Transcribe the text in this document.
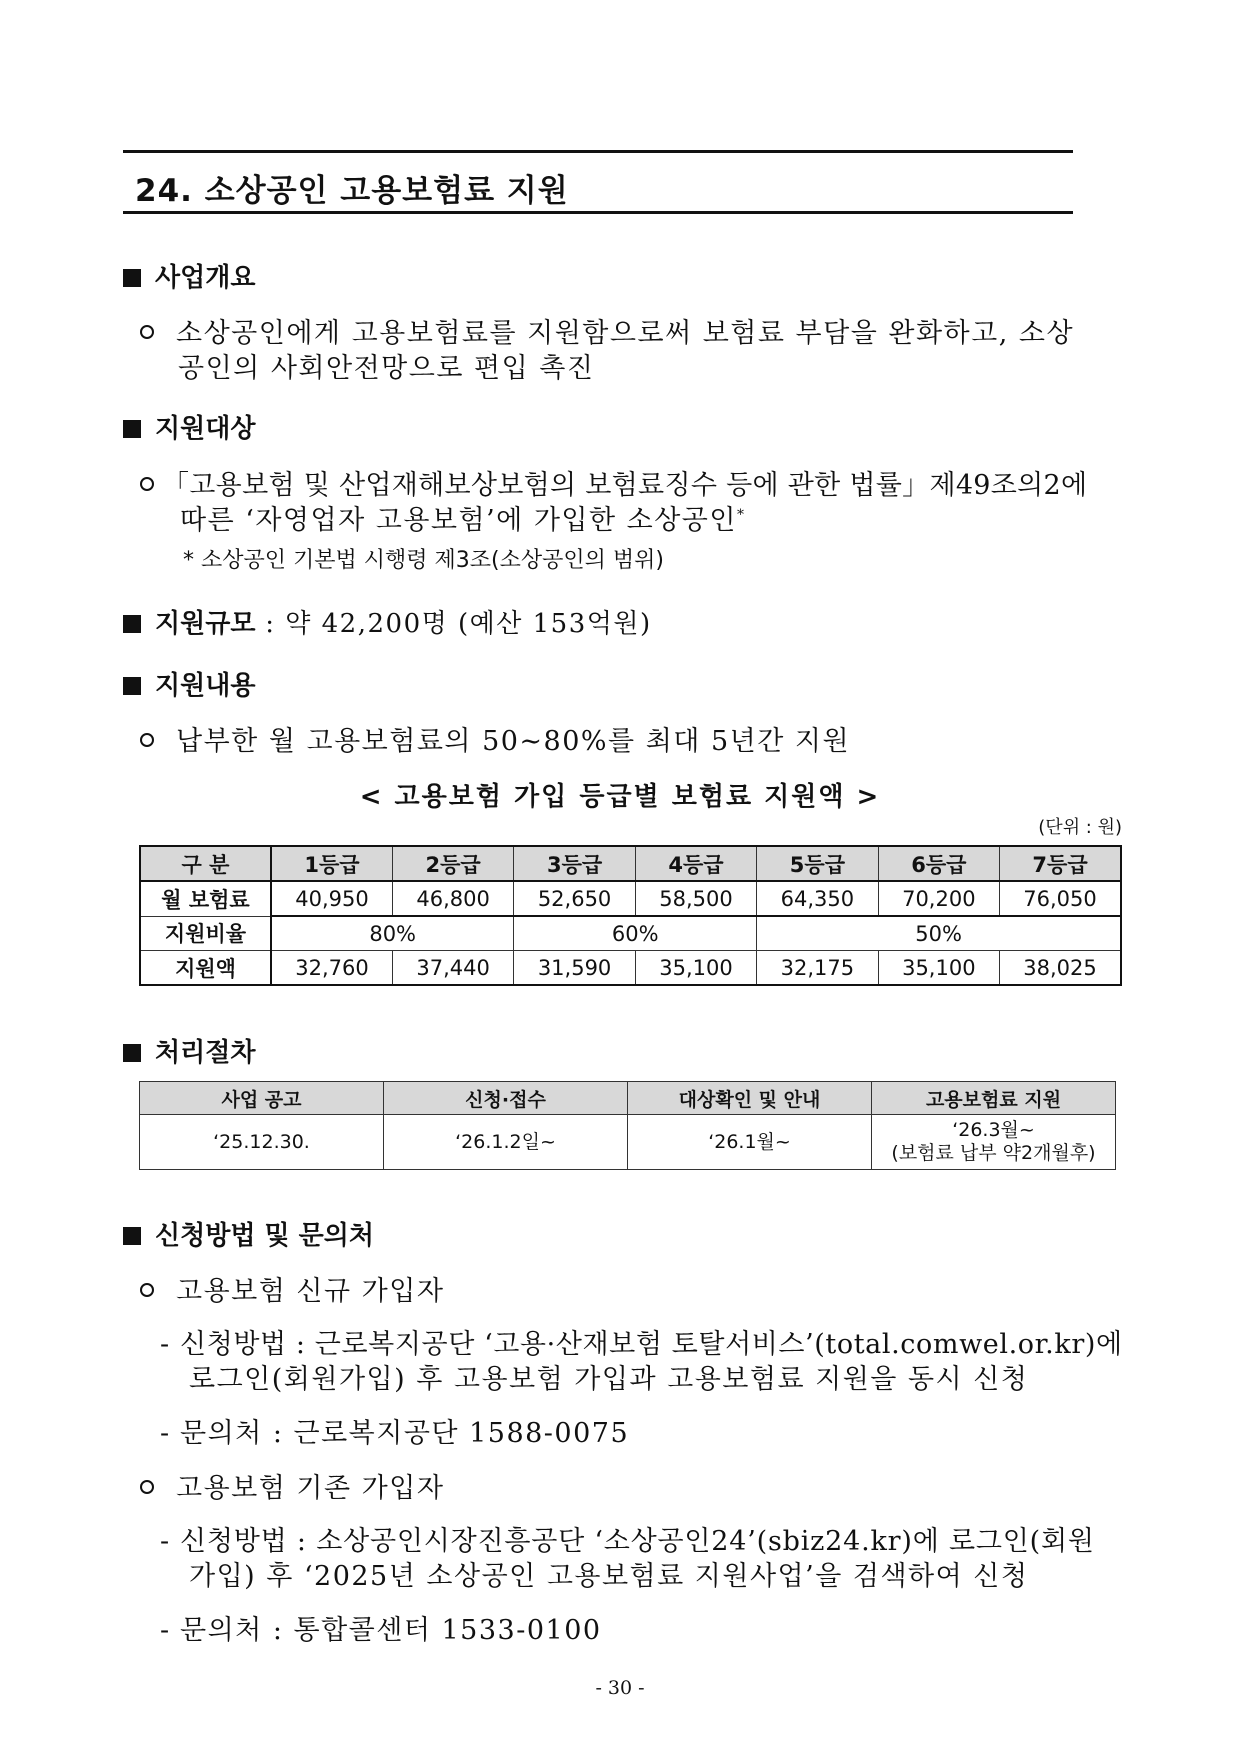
24. 소상공인 고용보험료 지원
사업개요
소상공인에게 고용보험료를 지원함으로써 보험료 부담을 완화하고, 소상
공인의 사회안전망으로 편입 촉진
지원대상
「고용보험 및 산업재해보상보험의 보험료징수 등에 관한 법률」제49조의2에
따른 ‘자영업자 고용보험’에 가입한 소상공인*
* 소상공인 기본법 시행령 제3조(소상공인의 범위)
지원규모 : 약 42,200명 (예산 153억원)
지원내용
납부한 월 고용보험료의 50∼80%를 최대 5년간 지원
< 고용보험 가입 등급별 보험료 지원액 >
(단위 : 원)
구 분	1등급	2등급	3등급	4등급	5등급	6등급	7등급
월 보험료	40,950	46,800	52,650	58,500	64,350	70,200	76,050
지원비율	80%		60%		50%		
지원액	32,760	37,440	31,590	35,100	32,175	35,100	38,025
처리절차
사업 공고	신청·접수	대상확인 및 안내	고용보험료 지원
‘25.12.30.	‘26.1.2일~	‘26.1월~	‘26.3월~
(보험료 납부 약2개월후)
신청방법 및 문의처
고용보험 신규 가입자
- 신청방법 : 근로복지공단 ‘고용·산재보험 토탈서비스’(total.comwel.or.kr)에
로그인(회원가입) 후 고용보험 가입과 고용보험료 지원을 동시 신청
- 문의처 : 근로복지공단 1588-0075
고용보험 기존 가입자
- 신청방법 : 소상공인시장진흥공단 ‘소상공인24’(sbiz24.kr)에 로그인(회원
가입) 후 ‘2025년 소상공인 고용보험료 지원사업’을 검색하여 신청
- 문의처 : 통합콜센터 1533-0100
- 30 -
